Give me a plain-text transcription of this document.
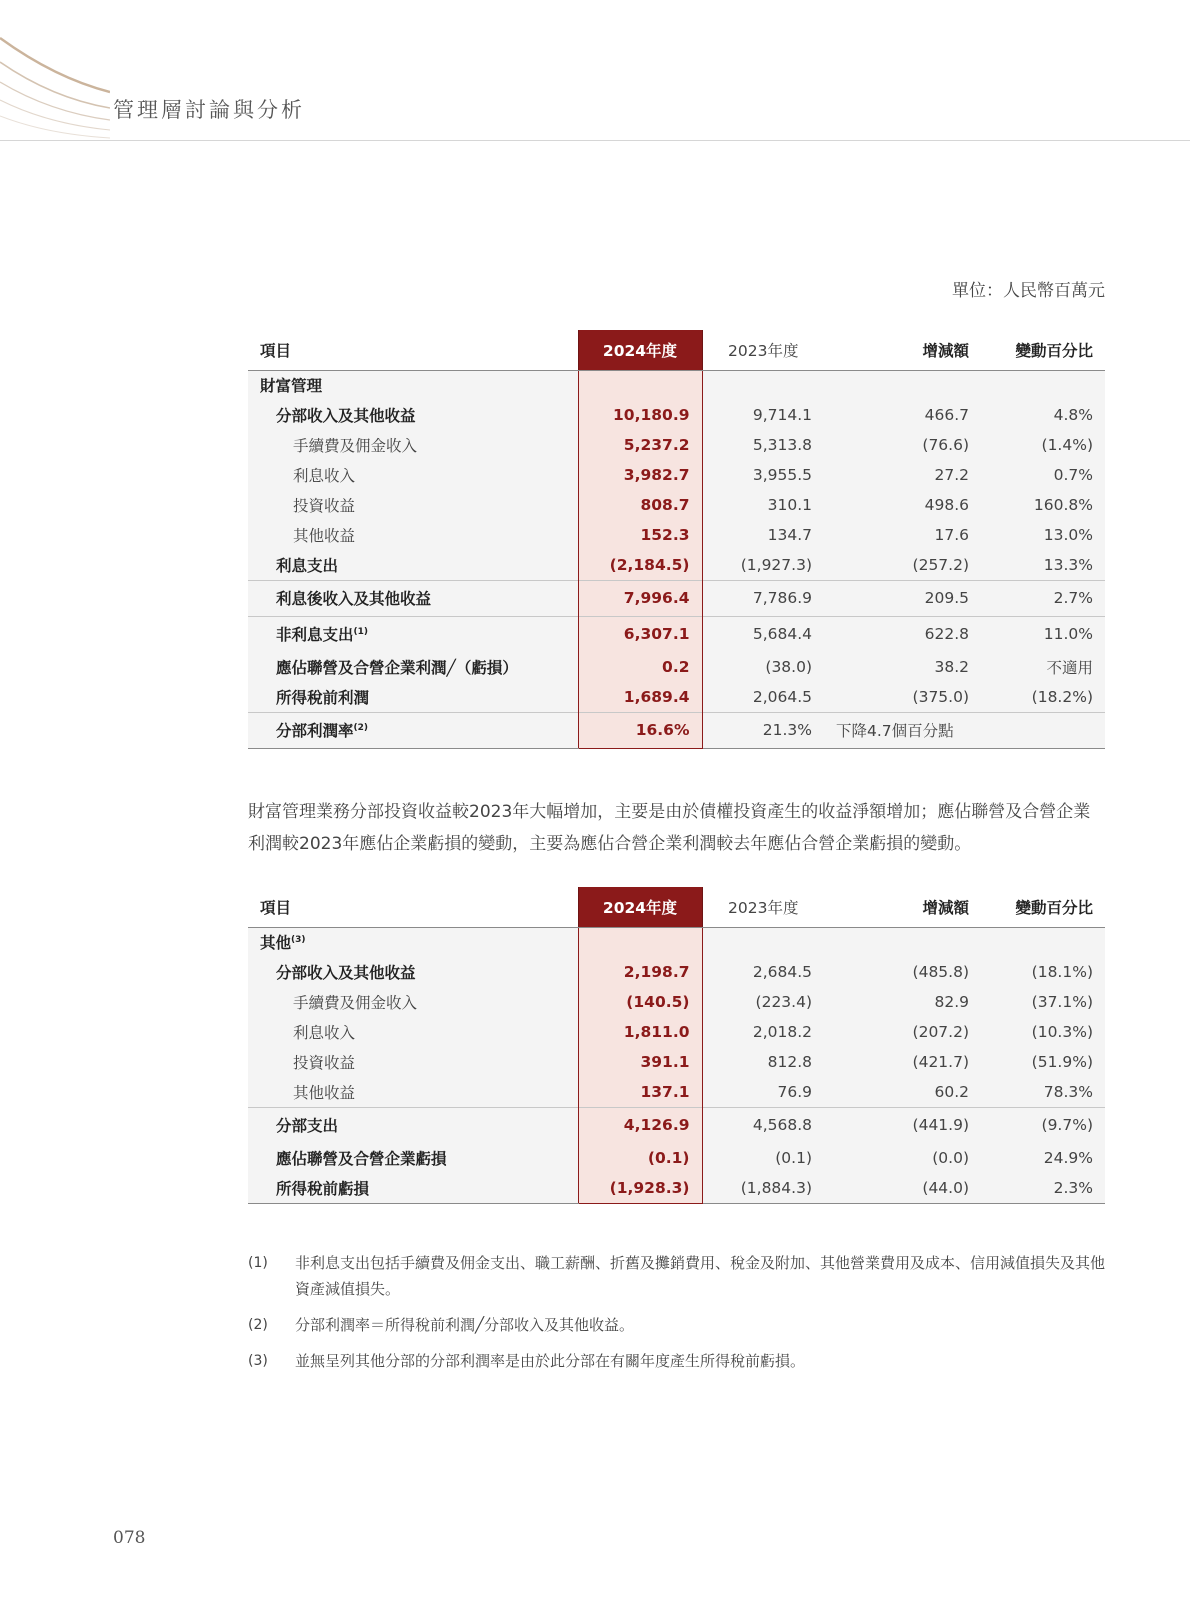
管理層討論與分析
單位：人民幣百萬元
項目	2024年度	2023年度	增減額	變動百分比
財富管理				
分部收入及其他收益	10,180.9	9,714.1	466.7	4.8%
手續費及佣金收入	5,237.2	5,313.8	(76.6)	(1.4%)
利息收入	3,982.7	3,955.5	27.2	0.7%
投資收益	808.7	310.1	498.6	160.8%
其他收益	152.3	134.7	17.6	13.0%
利息支出	(2,184.5)	(1,927.3)	(257.2)	13.3%
利息後收入及其他收益	7,996.4	7,786.9	209.5	2.7%
非利息支出$^{(1)}$	6,307.1	5,684.4	622.8	11.0%
應佔聯營及合營企業利潤╱（虧損）	0.2	(38.0)	38.2	不適用
所得稅前利潤	1,689.4	2,064.5	(375.0)	(18.2%)
分部利潤率$^{(2)}$	16.6%	21.3%	下降4.7個百分點	

財富管理業務分部投資收益較2023年大幅增加，主要是由於債權投資產生的收益淨額增加；應佔聯營及合營企業利潤較2023年應佔企業虧損的變動，主要為應佔合營企業利潤較去年應佔合營企業虧損的變動。

項目	2024年度	2023年度	增減額	變動百分比
其他$^{(3)}$				
分部收入及其他收益	2,198.7	2,684.5	(485.8)	(18.1%)
手續費及佣金收入	(140.5)	(223.4)	82.9	(37.1%)
利息收入	1,811.0	2,018.2	(207.2)	(10.3%)
投資收益	391.1	812.8	(421.7)	(51.9%)
其他收益	137.1	76.9	60.2	78.3%
分部支出	4,126.9	4,568.8	(441.9)	(9.7%)
應佔聯營及合營企業虧損	(0.1)	(0.1)	(0.0)	24.9%
所得稅前虧損	(1,928.3)	(1,884.3)	(44.0)	2.3%
(1) 非利息支出包括手續費及佣金支出、職工薪酬、折舊及攤銷費用、稅金及附加、其他營業費用及成本、信用減值損失及其他資產減值損失。
(2) 分部利潤率＝所得稅前利潤╱分部收入及其他收益。
(3) 並無呈列其他分部的分部利潤率是由於此分部在有關年度產生所得稅前虧損。
078
